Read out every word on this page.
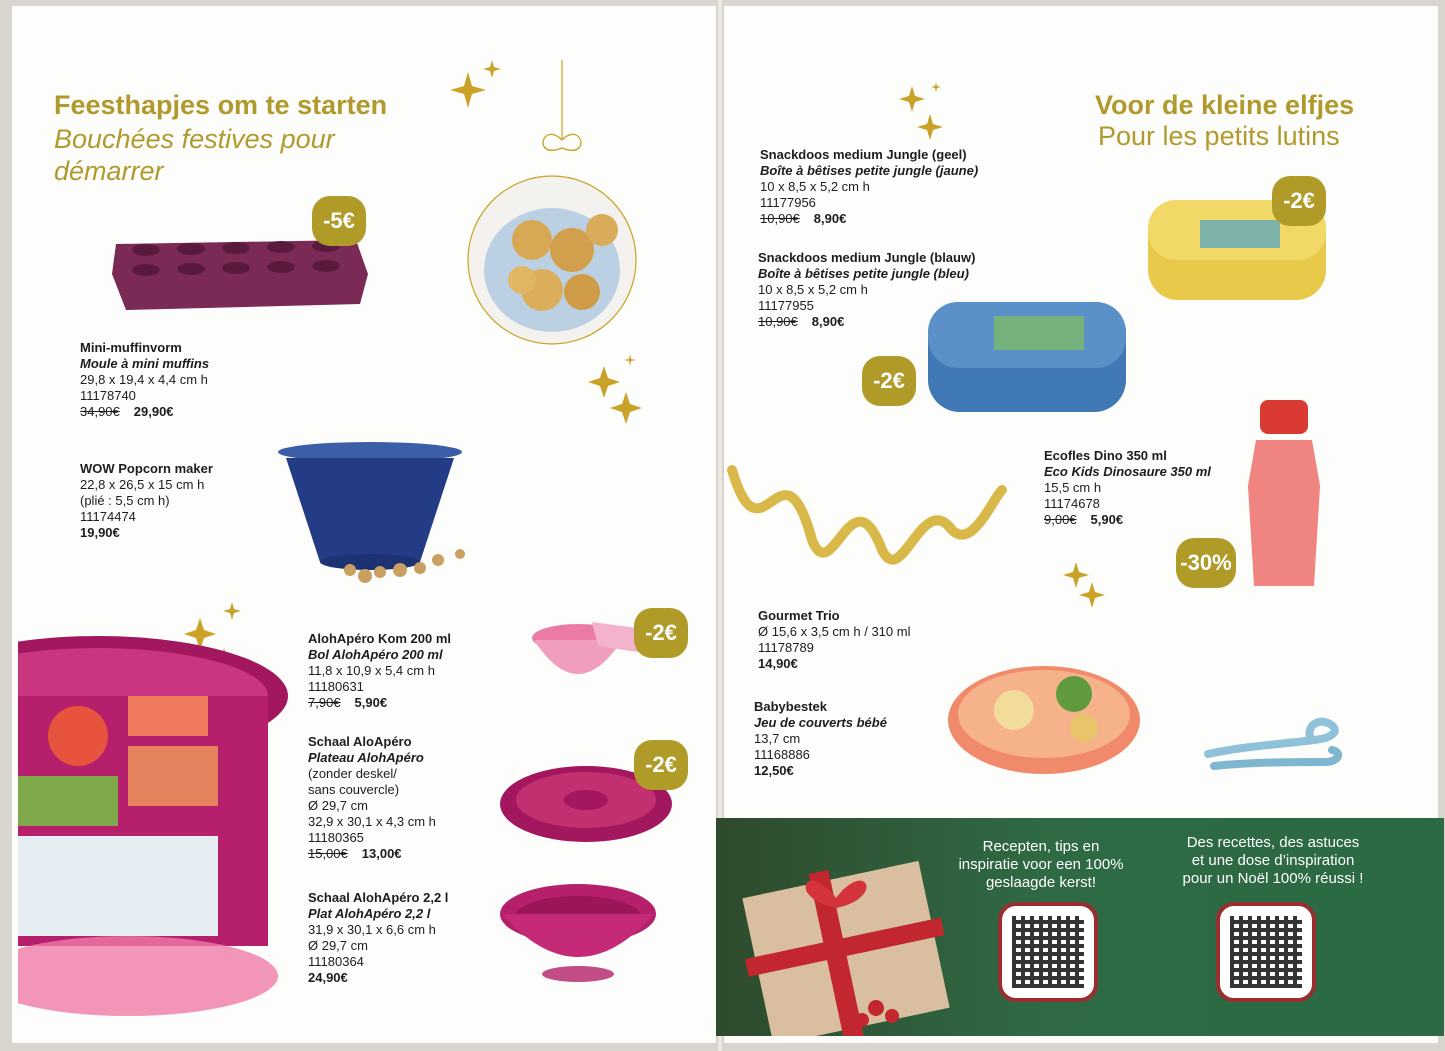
Feesthapjes om te starten
Bouchées festives pour
démarrer
-5€
Mini-muffinvorm
Moule à mini muffins
29,8 x 19,4 x 4,4 cm h
11178740
34,90€ 29,90€
WOW Popcorn maker
22,8 x 26,5 x 15 cm h
(plié : 5,5 cm h)
11174474
19,90€
-2€
AlohApéro Kom 200 ml
Bol AlohApéro 200 ml
11,8 x 10,9 x 5,4 cm h
11180631
7,90€ 5,90€
-2€
Schaal AloApéro
Plateau AlohApéro
(zonder deskel/
sans couvercle)
Ø 29,7 cm
32,9 x 30,1 x 4,3 cm h
11180365
15,00€ 13,00€
Schaal AlohApéro 2,2 l
Plat AlohApéro 2,2 l
31,9 x 30,1 x 6,6 cm h
Ø 29,7 cm
11180364
24,90€
Voor de kleine elfjes
Pour les petits lutins
-2€
Snackdoos medium Jungle (geel)
Boîte à bêtises petite jungle (jaune)
10 x 8,5 x 5,2 cm h
11177956
10,90€ 8,90€
-2€
Snackdoos medium Jungle (blauw)
Boîte à bêtises petite jungle (bleu)
10 x 8,5 x 5,2 cm h
11177955
10,90€ 8,90€
-30%
Ecofles Dino 350 ml
Eco Kids Dinosaure 350 ml
15,5 cm h
11174678
9,00€ 5,90€
Gourmet Trio
Ø 15,6 x 3,5 cm h / 310 ml
11178789
14,90€
Babybestek
Jeu de couverts bébé
13,7 cm
11168886
12,50€
Recepten, tips en
inspiratie voor een 100%
geslaagde kerst!
Des recettes, des astuces
et une dose d’inspiration
pour un Noël 100% réussi !
